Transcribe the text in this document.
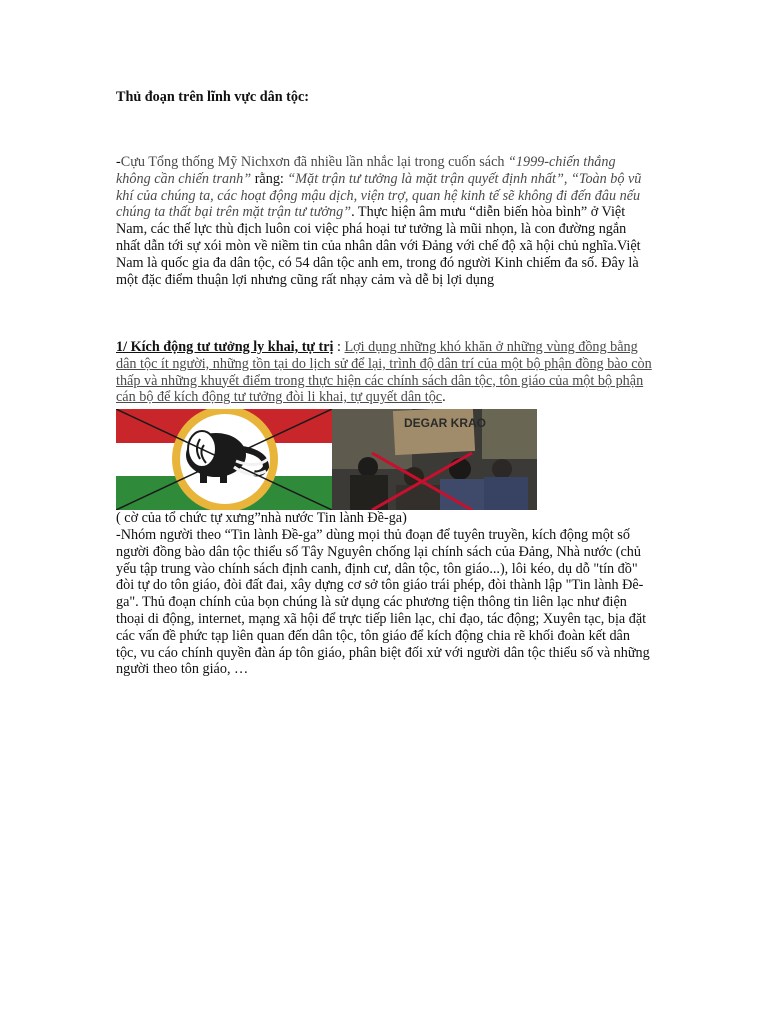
Thủ đoạn trên lĩnh vực dân tộc:
-Cựu Tổng thống Mỹ Nichxơn đã nhiều lần nhắc lại trong cuốn sách “1999-chiến thắng không cần chiến tranh” rằng: “Mặt trận tư tưởng là mặt trận quyết định nhất”, “Toàn bộ vũ khí của chúng ta, các hoạt động mậu dịch, viện trợ, quan hệ kinh tế sẽ không đi đến đâu nếu chúng ta thất bại trên mặt trận tư tưởng”. Thực hiện âm mưu “diễn biến hòa bình” ở Việt Nam, các thế lực thù địch luôn coi việc phá hoại tư tưởng là mũi nhọn, là con đường ngắn nhất dẫn tới sự xói mòn về niềm tin của nhân dân với Đảng với chế độ xã hội chủ nghĩa.Việt Nam là quốc gia đa dân tộc, có 54 dân tộc anh em, trong đó người Kinh chiếm đa số. Đây là một đặc điểm thuận lợi nhưng cũng rất nhạy cảm và dễ bị lợi dụng
1/ Kích động tư tưởng ly khai, tự trị : Lợi dụng những khó khăn ở những vùng đồng bằng dân tộc ít người, những tồn tại do lịch sử để lại, trình độ dân trí của một bộ phận đồng bào còn thấp và những khuyết điểm trong thực hiện các chính sách dân tộc, tôn giáo của một bộ phận cán bộ để kích động tư tưởng đòi li khai, tự quyết dân tộc.
DEGAR KRAO
( cờ của tổ chức tự xưng”nhà nước Tin lành Đề-ga)
-Nhóm người theo “Tin lành Đề-ga” dùng mọi thủ đoạn để tuyên truyền, kích động một số người đồng bào dân tộc thiểu số Tây Nguyên chống lại chính sách của Đảng, Nhà nước (chủ yếu tập trung vào chính sách định canh, định cư, dân tộc, tôn giáo...), lôi kéo, dụ dỗ "tín đồ" đòi tự do tôn giáo, đòi đất đai, xây dựng cơ sở tôn giáo trái phép, đòi thành lập "Tin lành Đê-ga". Thủ đoạn chính của bọn chúng là sử dụng các phương tiện thông tin liên lạc như điện thoại di động, internet, mạng xã hội để trực tiếp liên lạc, chỉ đạo, tác động; Xuyên tạc, bịa đặt các vấn đề phức tạp liên quan đến dân tộc, tôn giáo để kích động chia rẽ khối đoàn kết dân tộc, vu cáo chính quyền đàn áp tôn giáo, phân biệt đối xử với người dân tộc thiểu số và những người theo tôn giáo, …
